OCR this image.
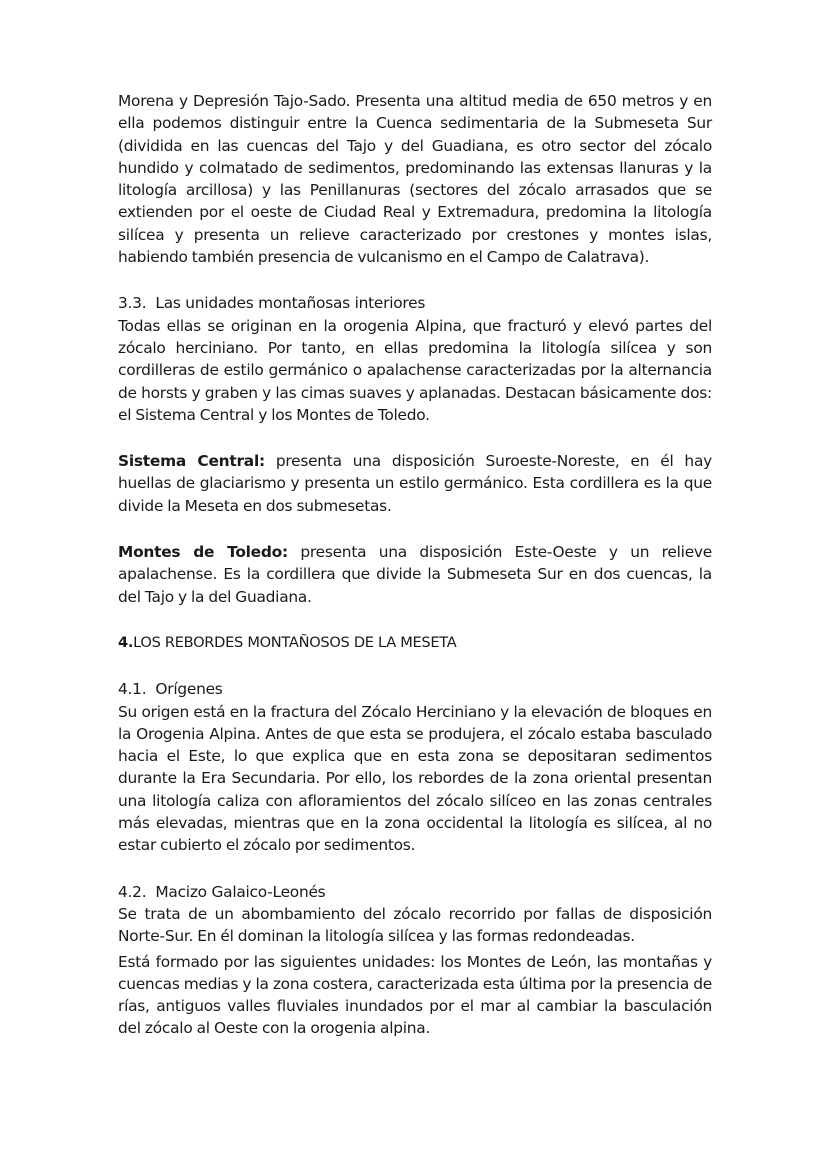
Morena y Depresión Tajo-Sado. Presenta una altitud media de 650 metros y en ella podemos distinguir entre la Cuenca sedimentaria de la Submeseta Sur (dividida en las cuencas del Tajo y del Guadiana, es otro sector del zócalo hundido y colmatado de sedimentos, predominando las extensas llanuras y la litología arcillosa) y las Penillanuras (sectores del zócalo arrasados que se extienden por el oeste de Ciudad Real y Extremadura, predomina la litología silícea y presenta un relieve caracterizado por crestones y montes islas, habiendo también presencia de vulcanismo en el Campo de Calatrava).

3.3. Las unidades montañosas interiores

Todas ellas se originan en la orogenia Alpina, que fracturó y elevó partes del zócalo herciniano. Por tanto, en ellas predomina la litología silícea y son cordilleras de estilo germánico o apalachense caracterizadas por la alternancia de horsts y graben y las cimas suaves y aplanadas. Destacan básicamente dos: el Sistema Central y los Montes de Toledo.

Sistema Central: presenta una disposición Suroeste-Noreste, en él hay huellas de glaciarismo y presenta un estilo germánico. Esta cordillera es la que divide la Meseta en dos submesetas.

Montes de Toledo: presenta una disposición Este-Oeste y un relieve apalachense. Es la cordillera que divide la Submeseta Sur en dos cuencas, la del Tajo y la del Guadiana.

4.LOS REBORDES MONTAÑOSOS DE LA MESETA
4.1. Orígenes

Su origen está en la fractura del Zócalo Herciniano y la elevación de bloques en la Orogenia Alpina. Antes de que esta se produjera, el zócalo estaba basculado hacia el Este, lo que explica que en esta zona se depositaran sedimentos durante la Era Secundaria. Por ello, los rebordes de la zona oriental presentan una litología caliza con afloramientos del zócalo silíceo en las zonas centrales más elevadas, mientras que en la zona occidental la litología es silícea, al no estar cubierto el zócalo por sedimentos.

4.2. Macizo Galaico-Leonés

Se trata de un abombamiento del zócalo recorrido por fallas de disposición Norte-Sur. En él dominan la litología silícea y las formas redondeadas.

Está formado por las siguientes unidades: los Montes de León, las montañas y cuencas medias y la zona costera, caracterizada esta última por la presencia de rías, antiguos valles fluviales inundados por el mar al cambiar la basculación del zócalo al Oeste con la orogenia alpina.
